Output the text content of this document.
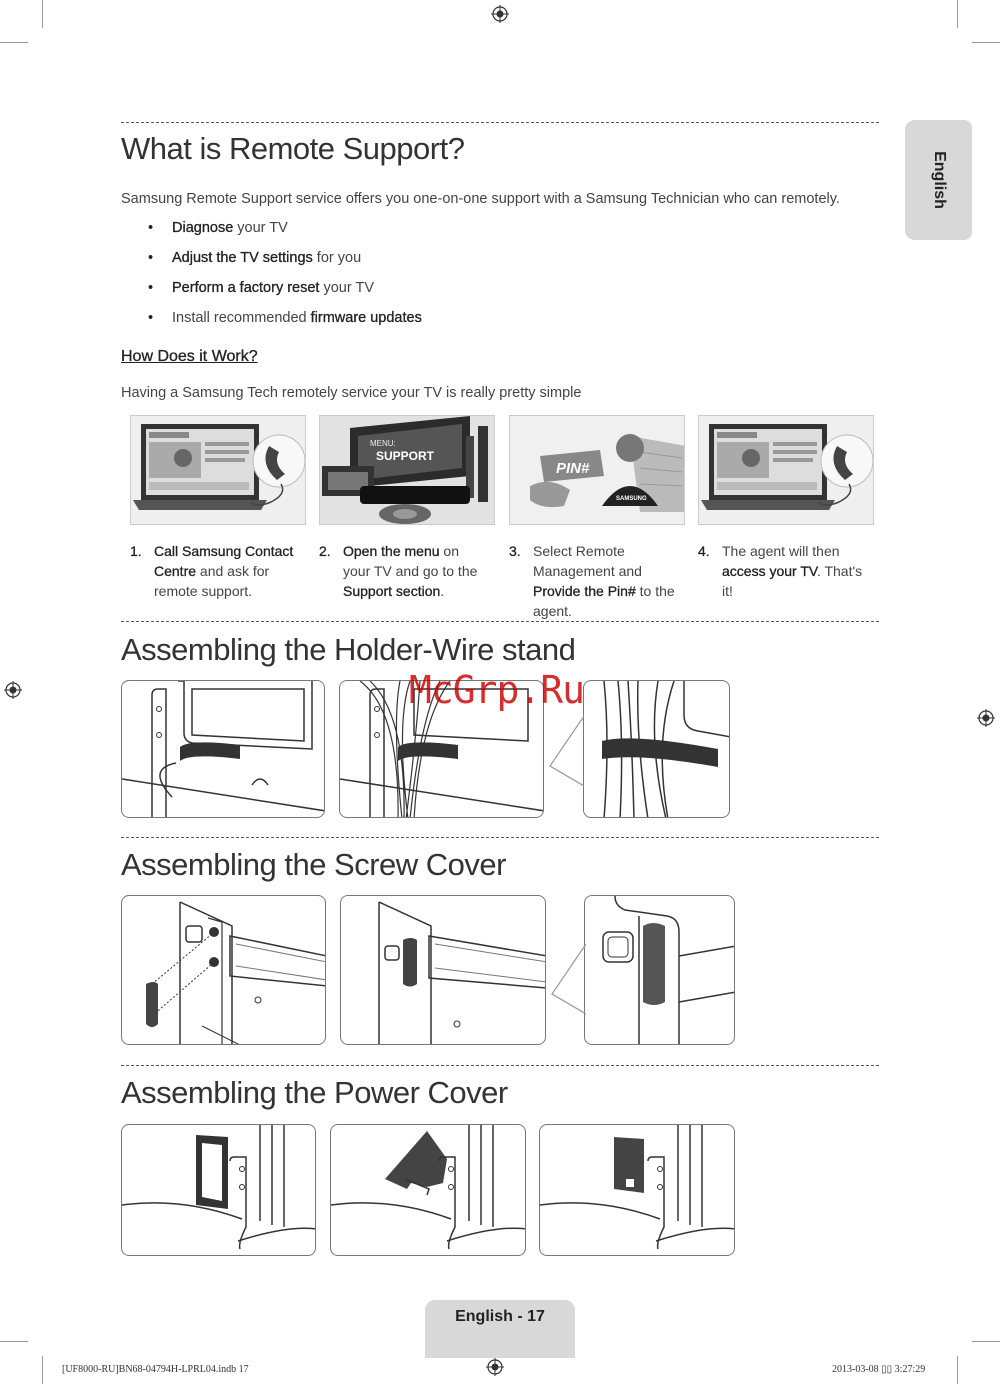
English
What is Remote Support?

Samsung Remote Support service offers you one-on-one support with a Samsung Technician who can remotely.

• Diagnose your TV
• Adjust the TV settings for you
• Perform a factory reset your TV
• Install recommended firmware updates
How Does it Work?

Having a Samsung Tech remotely service your TV is really pretty simple

MENU:
SUPPORT
PIN#
SAMSUNG
1. Call Samsung Contact Centre and ask for remote support.
2. Open the menu on your TV and go to the Support section.
3. Select Remote Management and Provide the Pin# to the agent.
4. The agent will then access your TV. That's it!
Assembling the Holder-Wire stand
McGrp.Ru
Assembling the Screw Cover
Assembling the Power Cover
English - 17
[UF8000-RU]BN68-04794H-LPRL04.indb 17	2013-03-08 ▯▯ 3:27:29
